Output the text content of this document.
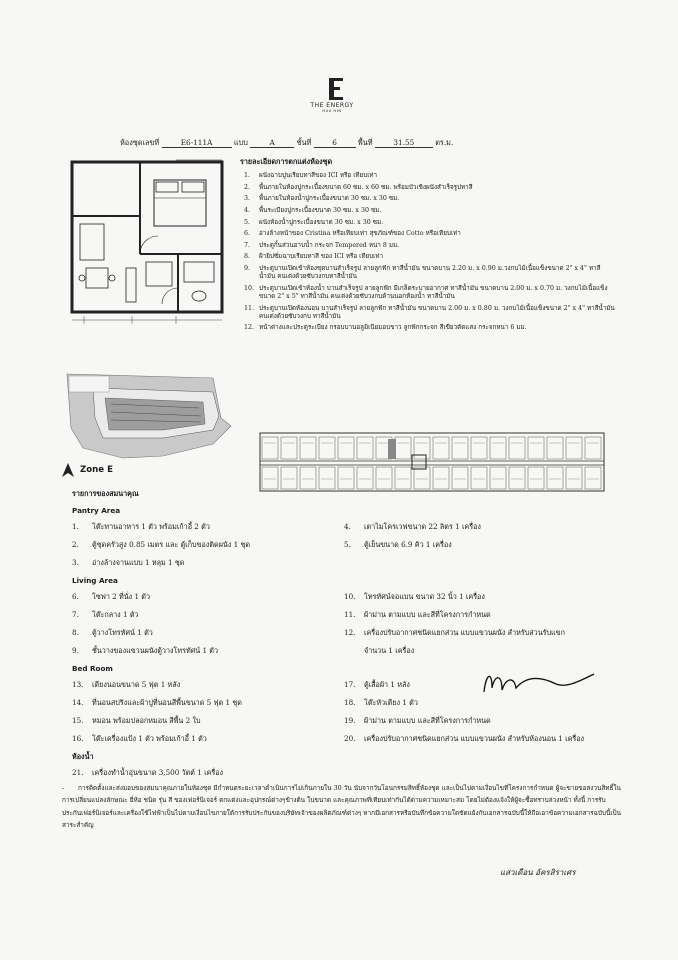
THE ENERGY
HUA HIN
ห้องชุดเลขที่	E6-111A	แบบ	A	ชั้นที่	6	พื้นที่	31.55	ตร.ม.
รายละเอียดการตกแต่งห้องชุด
1.	ผนังฉาบปูนเรียบทาสีของ ICI หรือ เทียบเท่า
2.	พื้นภายในห้องปูกระเบื้องขนาด 60 ซม. x 60 ซม. พร้อมบัวเชิงผนังสำเร็จรูปทาสี
3.	พื้นภายในห้องน้ำปูกระเบื้องขนาด 30 ซม. x 30 ซม.
4.	พื้นระเบียงปูกระเบื้องขนาด 30 ซม. x 30 ซม.
5.	ผนังห้องน้ำปูกระเบื้องขนาด 30 ซม. x 30 ซม.
6.	อ่างล้างหน้าของ Cristina หรือเทียบเท่า สุขภัณฑ์ของ Cotto หรือเทียบเท่า
7.	ประตูกั้นส่วนอาบน้ำ กระจก Tempered หนา 8 มม.
8.	ฝ้ายิปซั่มฉาบเรียบทาสี ของ ICI หรือ เทียบเท่า
9.	ประตูบานเปิดเข้าห้องชุดบานสำเร็จรูป ลายลูกฟัก ทาสีน้ำมัน ขนาดบาน 2.20 ม. x 0.90 ม.วงกบไม้เนื้อแข็งขนาด 2" x 4" ทาสีน้ำมัน คนเต่งด้วยซับวงกบทาสีน้ำมัน
10. ประตูบานเปิดเข้าห้องน้ำ บานสำเร็จรูป ลายลูกฟัก มีเกล็ดระบายอากาศ ทาสีน้ำมัน ขนาดบาน 2.00 ม. x 0.70 ม. วงกบไม้เนื้อแข็งขนาด 2" x 5" ทาสีน้ำมัน คนเต่งด้วยซับวงกบด้านนอกห้องน้ำ ทาสีน้ำมัน
11. ประตูบานเปิดห้องนอน บานสำเร็จรูป ลายลูกฟัก ทาสีน้ำมัน ขนาดบาน 2.00 ม. x 0.80 ม. วงกบไม้เนื้อแข็งขนาด 2" x 4" ทาสีน้ำมัน คนเต่งด้วยซับวงกบ ทาสีน้ำมัน
12. หน้าต่างและประตูระเบียง กรอบบานอลูมิเนียมอบขาว ลูกฟักกระจก สีเขียวตัดแสง กระจกหนา 6 มม.
Zone E
รายการของสมนาคุณ
Pantry Area
Living Area
Bed Room
ห้องน้ำ
1. โต๊ะทานอาหาร 1 ตัว พร้อมเก้าอี้ 2 ตัว
2. ตู้ชุดครัวสูง 0.85 เมตร และ ตู้เก็บของติดผนัง 1 ชุด
3. อ่างล้างจานแบบ 1 หลุม 1 ชุด
4. เตาไมโครเวฟขนาด 22 ลิตร 1 เครื่อง
5. ตู้เย็นขนาด 6.9 คิว 1 เครื่อง
6. โซฟา 2 ที่นั่ง 1 ตัว
7. โต๊ะกลาง 1 ตัว
8. ตู้วางโทรทัศน์ 1 ตัว
9. ชั้นวางของแขวนผนังตู้วางโทรทัศน์ 1 ตัว
10. โทรทัศน์จอแบน ขนาด 32 นิ้ว 1 เครื่อง
11. ผ้าม่าน ตามแบบ และสีที่โครงการกำหนด
12. เครื่องปรับอากาศชนิดแยกส่วน แบบแขวนผนัง สำหรับส่วนรับแขก
จำนวน 1 เครื่อง
13. เตียงนอนขนาด 5 ฟุต 1 หลัง
14. ที่นอนสปริงและผ้าปูที่นอนสีพื้นขนาด 5 ฟุต 1 ชุด
15. หมอน พร้อมปลอกหมอน สีพื้น 2 ใบ
16. โต๊ะเครื่องแป้ง 1 ตัว พร้อมเก้าอี้ 1 ตัว
17. ตู้เสื้อผ้า 1 หลัง
18. โต๊ะหัวเตียง 1 ตัว
19. ผ้าม่าน ตามแบบ และสีที่โครงการกำหนด
20. เครื่องปรับอากาศชนิดแยกส่วน แบบแขวนผนัง สำหรับห้องนอน 1 เครื่อง
21. เครื่องทำน้ำอุ่นขนาด 3,500 วัตต์ 1 เครื่อง
- การติดตั้งและส่งมอบของสมนาคุณภายในห้องชุด มีกำหนดระยะเวลาดำเนินการไม่เกินภายใน 30 วัน นับจากวันโอนกรรมสิทธิ์ห้องชุด และเป็นไปตามเงื่อนไขที่โครงการกำหนด ผู้จะขายขอสงวนสิทธิ์ในการเปลี่ยนแปลงลักษณะ ยี่ห้อ ชนิด รุ่น สี ของเฟอร์นิเจอร์ ตกแต่งและอุปกรณ์ต่างๆข้างต้น ในขนาด และคุณภาพที่เทียบเท่ากันได้ตามความเหมาะสม โดยไม่ต้องแจ้งให้ผู้จะซื้อทราบล่วงหน้า ทั้งนี้ การรับประกันเฟอร์นิเจอร์และเครื่องใช้ไฟฟ้าเป็นไปตามเงื่อนไขภายใต้การรับประกันของบริษัทเจ้าของผลิตภัณฑ์ต่างๆ หากมีเอกสารหรือบันทึกข้อความใดขัดแย้งกับเอกสารฉบับนี้ให้ถือเอาข้อความเอกสารฉบับนี้เป็นสาระสำคัญ
แสวเดือน อัครสิราเศร
